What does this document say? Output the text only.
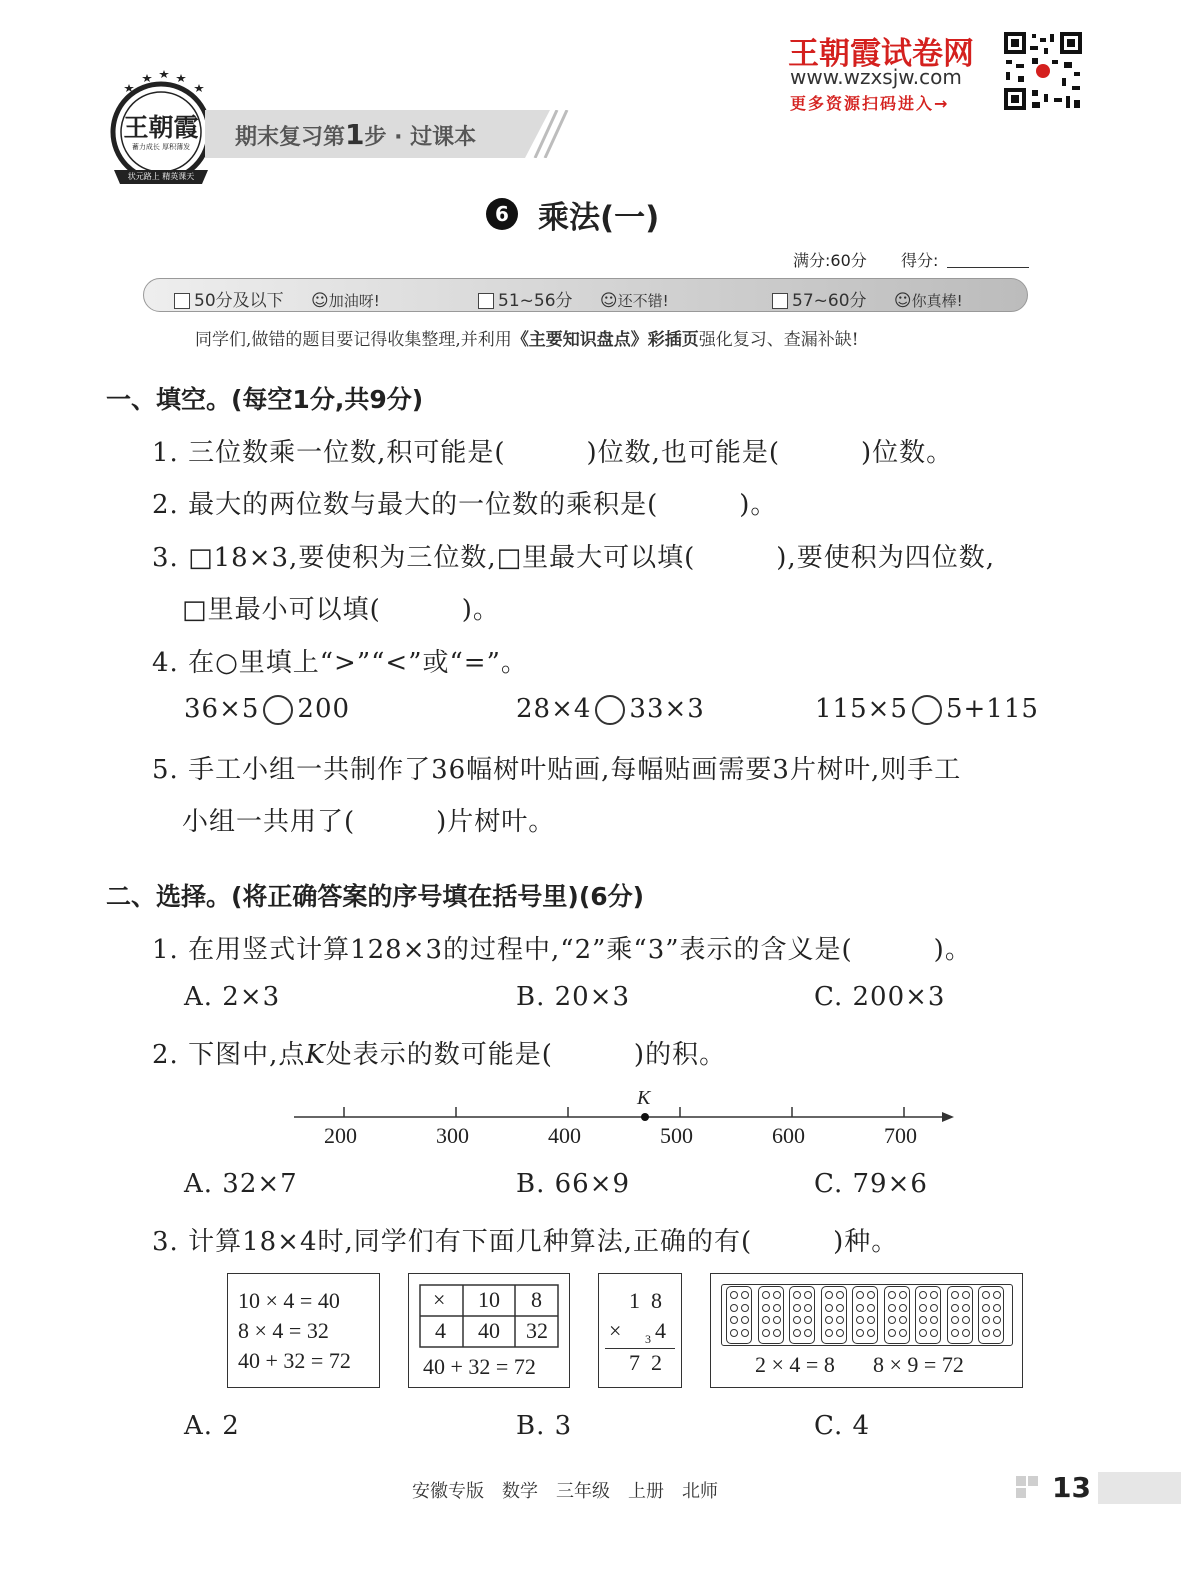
王朝霞
蓄力成长 厚积薄发
状元路上 精英课天
期末复习第1步 · 过课本
王朝霞试卷网
www.wzxsjw.com
更多资源扫码进入→
6 乘法(一)
满分:60分 得分:
50分及以下 ☺加油呀!	51~56分 ☺还不错!	57~60分 ☺你真棒!
同学们,做错的题目要记得收集整理,并利用《主要知识盘点》彩插页强化复习、查漏补缺!
一、填空。(每空1分,共9分)
1. 三位数乘一位数,积可能是(　　　)位数,也可能是(　　　)位数。
2. 最大的两位数与最大的一位数的乘积是(　　　)。
3. □18×3,要使积为三位数,□里最大可以填(　　　),要使积为四位数,
□里最小可以填(　　　)。
4. 在○里填上“>”“<”或“=”。
36×5 200	28×4 33×3	115×5 5+115
5. 手工小组一共制作了36幅树叶贴画,每幅贴画需要3片树叶,则手工
小组一共用了(　　　)片树叶。
二、选择。(将正确答案的序号填在括号里)(6分)
1. 在用竖式计算128×3的过程中,“2”乘“3”表示的含义是(　　　)。
A. 2×3	B. 20×3	C. 200×3
2. 下图中,点K处表示的数可能是(　　　)的积。
K
200	300	400	500	600	700
A. 32×7	B. 66×9	C. 79×6
3. 计算18×4时,同学们有下面几种算法,正确的有(　　　)种。
10 × 4 = 40
8 × 4 = 32
40 + 32 = 72
× 10 8
4 40 32
40 + 32 = 72
1  8
× 3 4
7  2	2 × 4 = 8 8 × 9 = 72
A. 2	B. 3	C. 4
安徽专版　数学　三年级　上册　北师	13
